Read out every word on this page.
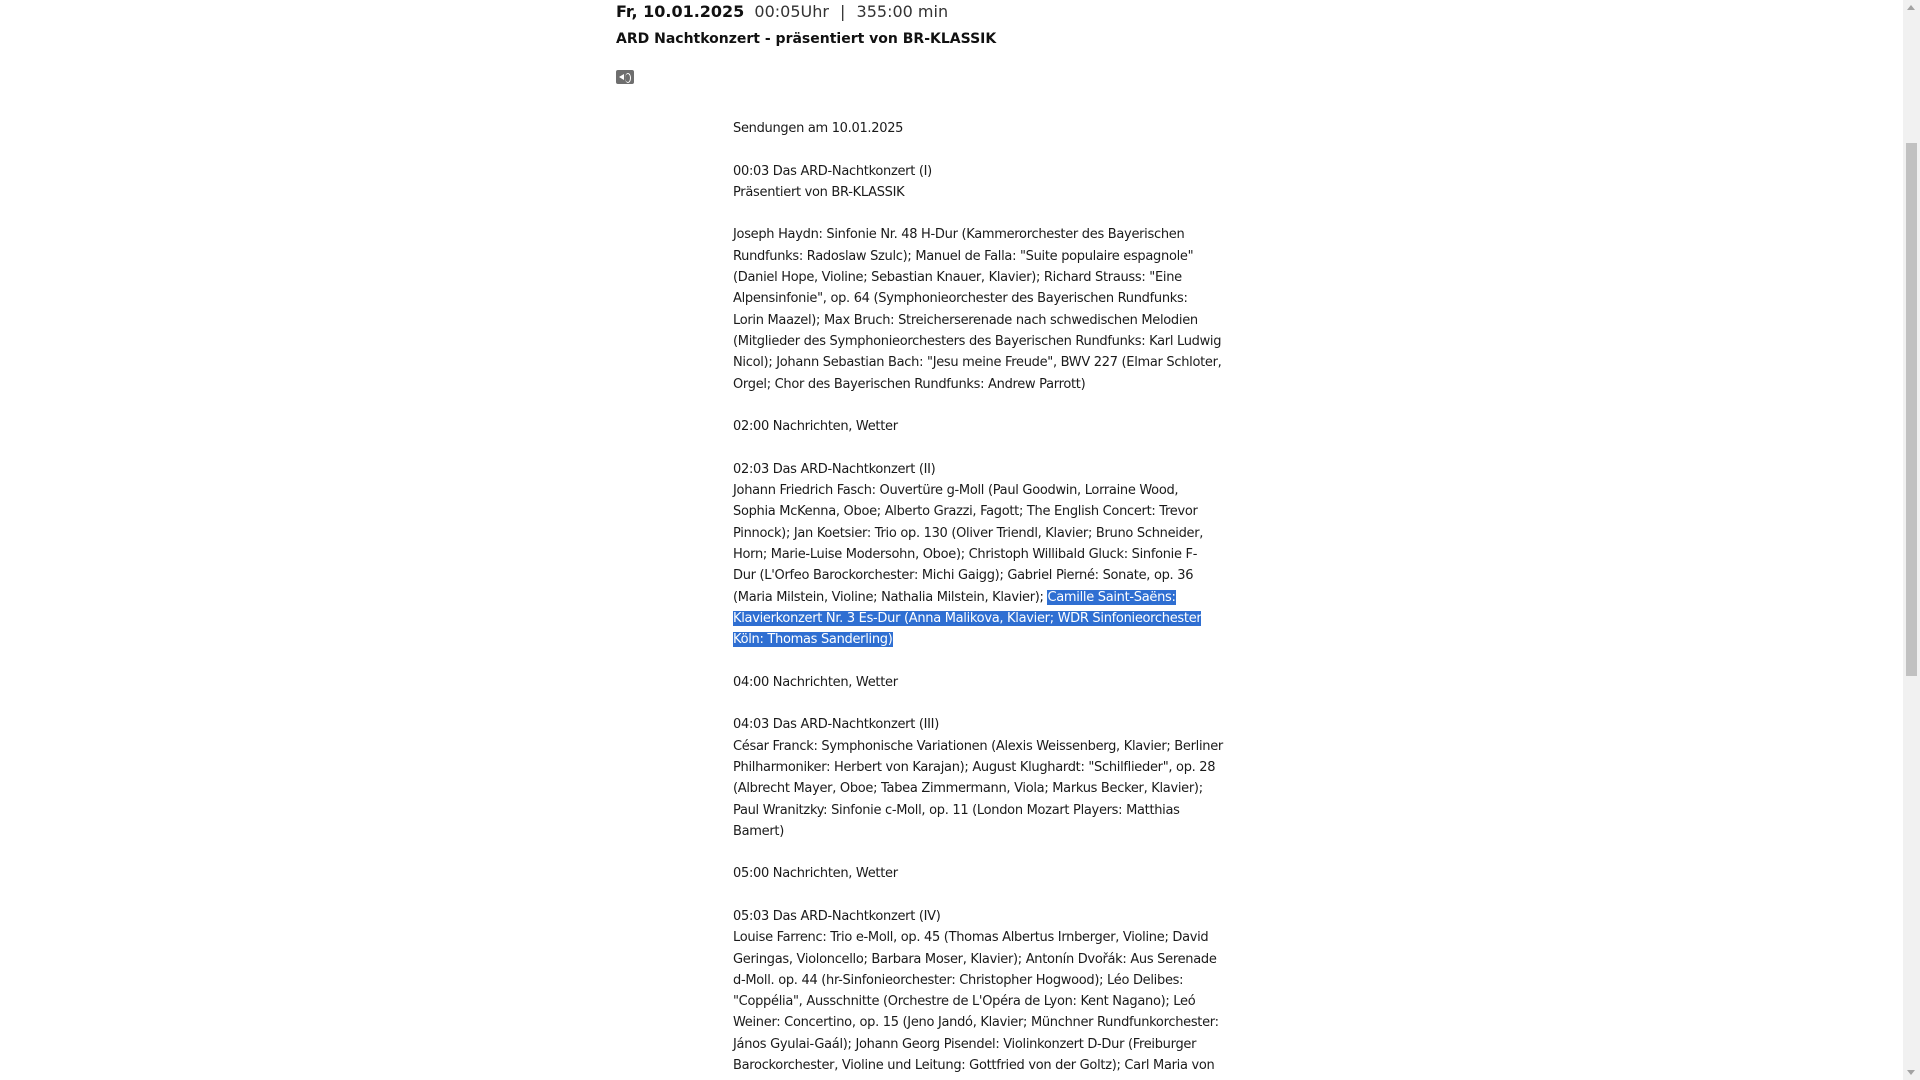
Fr, 10.01.2025 00:05Uhr | 355:00 min
ARD Nachtkonzert - präsentiert von BR-KLASSIK
Sendungen am 10.01.2025
00:03 Das ARD-Nachtkonzert (I)
Präsentiert von BR-KLASSIK
Joseph Haydn: Sinfonie Nr. 48 H-Dur (Kammerorchester des Bayerischen
Rundfunks: Radoslaw Szulc); Manuel de Falla: "Suite populaire espagnole"
(Daniel Hope, Violine; Sebastian Knauer, Klavier); Richard Strauss: "Eine
Alpensinfonie", op. 64 (Symphonieorchester des Bayerischen Rundfunks:
Lorin Maazel); Max Bruch: Streicherserenade nach schwedischen Melodien
(Mitglieder des Symphonieorchesters des Bayerischen Rundfunks: Karl Ludwig
Nicol); Johann Sebastian Bach: "Jesu meine Freude", BWV 227 (Elmar Schloter,
Orgel; Chor des Bayerischen Rundfunks: Andrew Parrott)
02:00 Nachrichten, Wetter
02:03 Das ARD-Nachtkonzert (II)
Johann Friedrich Fasch: Ouvertüre g-Moll (Paul Goodwin, Lorraine Wood,
Sophia McKenna, Oboe; Alberto Grazzi, Fagott; The English Concert: Trevor
Pinnock); Jan Koetsier: Trio op. 130 (Oliver Triendl, Klavier; Bruno Schneider,
Horn; Marie-Luise Modersohn, Oboe); Christoph Willibald Gluck: Sinfonie F-
Dur (L'Orfeo Barockorchester: Michi Gaigg); Gabriel Pierné: Sonate, op. 36
(Maria Milstein, Violine; Nathalia Milstein, Klavier); Camille Saint-Saëns:
Klavierkonzert Nr. 3 Es-Dur (Anna Malikova, Klavier; WDR Sinfonieorchester
Köln: Thomas Sanderling)
04:00 Nachrichten, Wetter
04:03 Das ARD-Nachtkonzert (III)
César Franck: Symphonische Variationen (Alexis Weissenberg, Klavier; Berliner
Philharmoniker: Herbert von Karajan); August Klughardt: "Schilflieder", op. 28
(Albrecht Mayer, Oboe; Tabea Zimmermann, Viola; Markus Becker, Klavier);
Paul Wranitzky: Sinfonie c-Moll, op. 11 (London Mozart Players: Matthias
Bamert)
05:00 Nachrichten, Wetter
05:03 Das ARD-Nachtkonzert (IV)
Louise Farrenc: Trio e-Moll, op. 45 (Thomas Albertus Irnberger, Violine; David
Geringas, Violoncello; Barbara Moser, Klavier); Antonín Dvořák: Aus Serenade
d-Moll. op. 44 (hr-Sinfonieorchester: Christopher Hogwood); Léo Delibes:
"Coppélia", Ausschnitte (Orchestre de L'Opéra de Lyon: Kent Nagano); Leó
Weiner: Concertino, op. 15 (Jeno Jandó, Klavier; Münchner Rundfunkorchester:
János Gyulai-Gaál); Johann Georg Pisendel: Violinkonzert D-Dur (Freiburger
Barockorchester, Violine und Leitung: Gottfried von der Goltz); Carl Maria von
